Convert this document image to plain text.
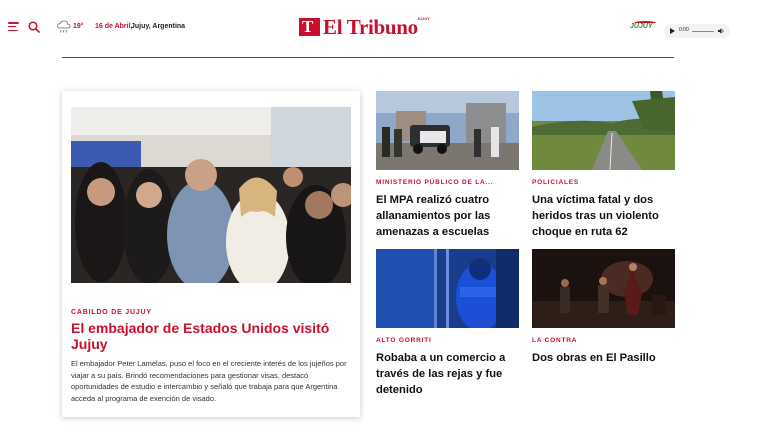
19° 16 de Abril,
Jujuy, Argentina	T El Tribuno JUJUY
JUJUY	0:00
CABILDO DE JUJUY
El embajador de Estados Unidos visitó Jujuy

El embajador Peter Lamelas, puso el foco en el creciente interés de los jujeños por viajar a su país. Brindó recomendaciones para gestionar visas, destacó oportunidades de estudio e intercambio y señaló que trabaja para que Argentina acceda al programa de exención de visado.

MINISTERIO PÚBLICO DE LA...
El MPA realizó cuatro allanamientos por las amenazas a escuelas
POLICIALES
Una víctima fatal y dos heridos tras un violento choque en ruta 62
ALTO GORRITI
Robaba a un comercio a través de las rejas y fue detenido
LA CONTRA
Dos obras en El Pasillo
